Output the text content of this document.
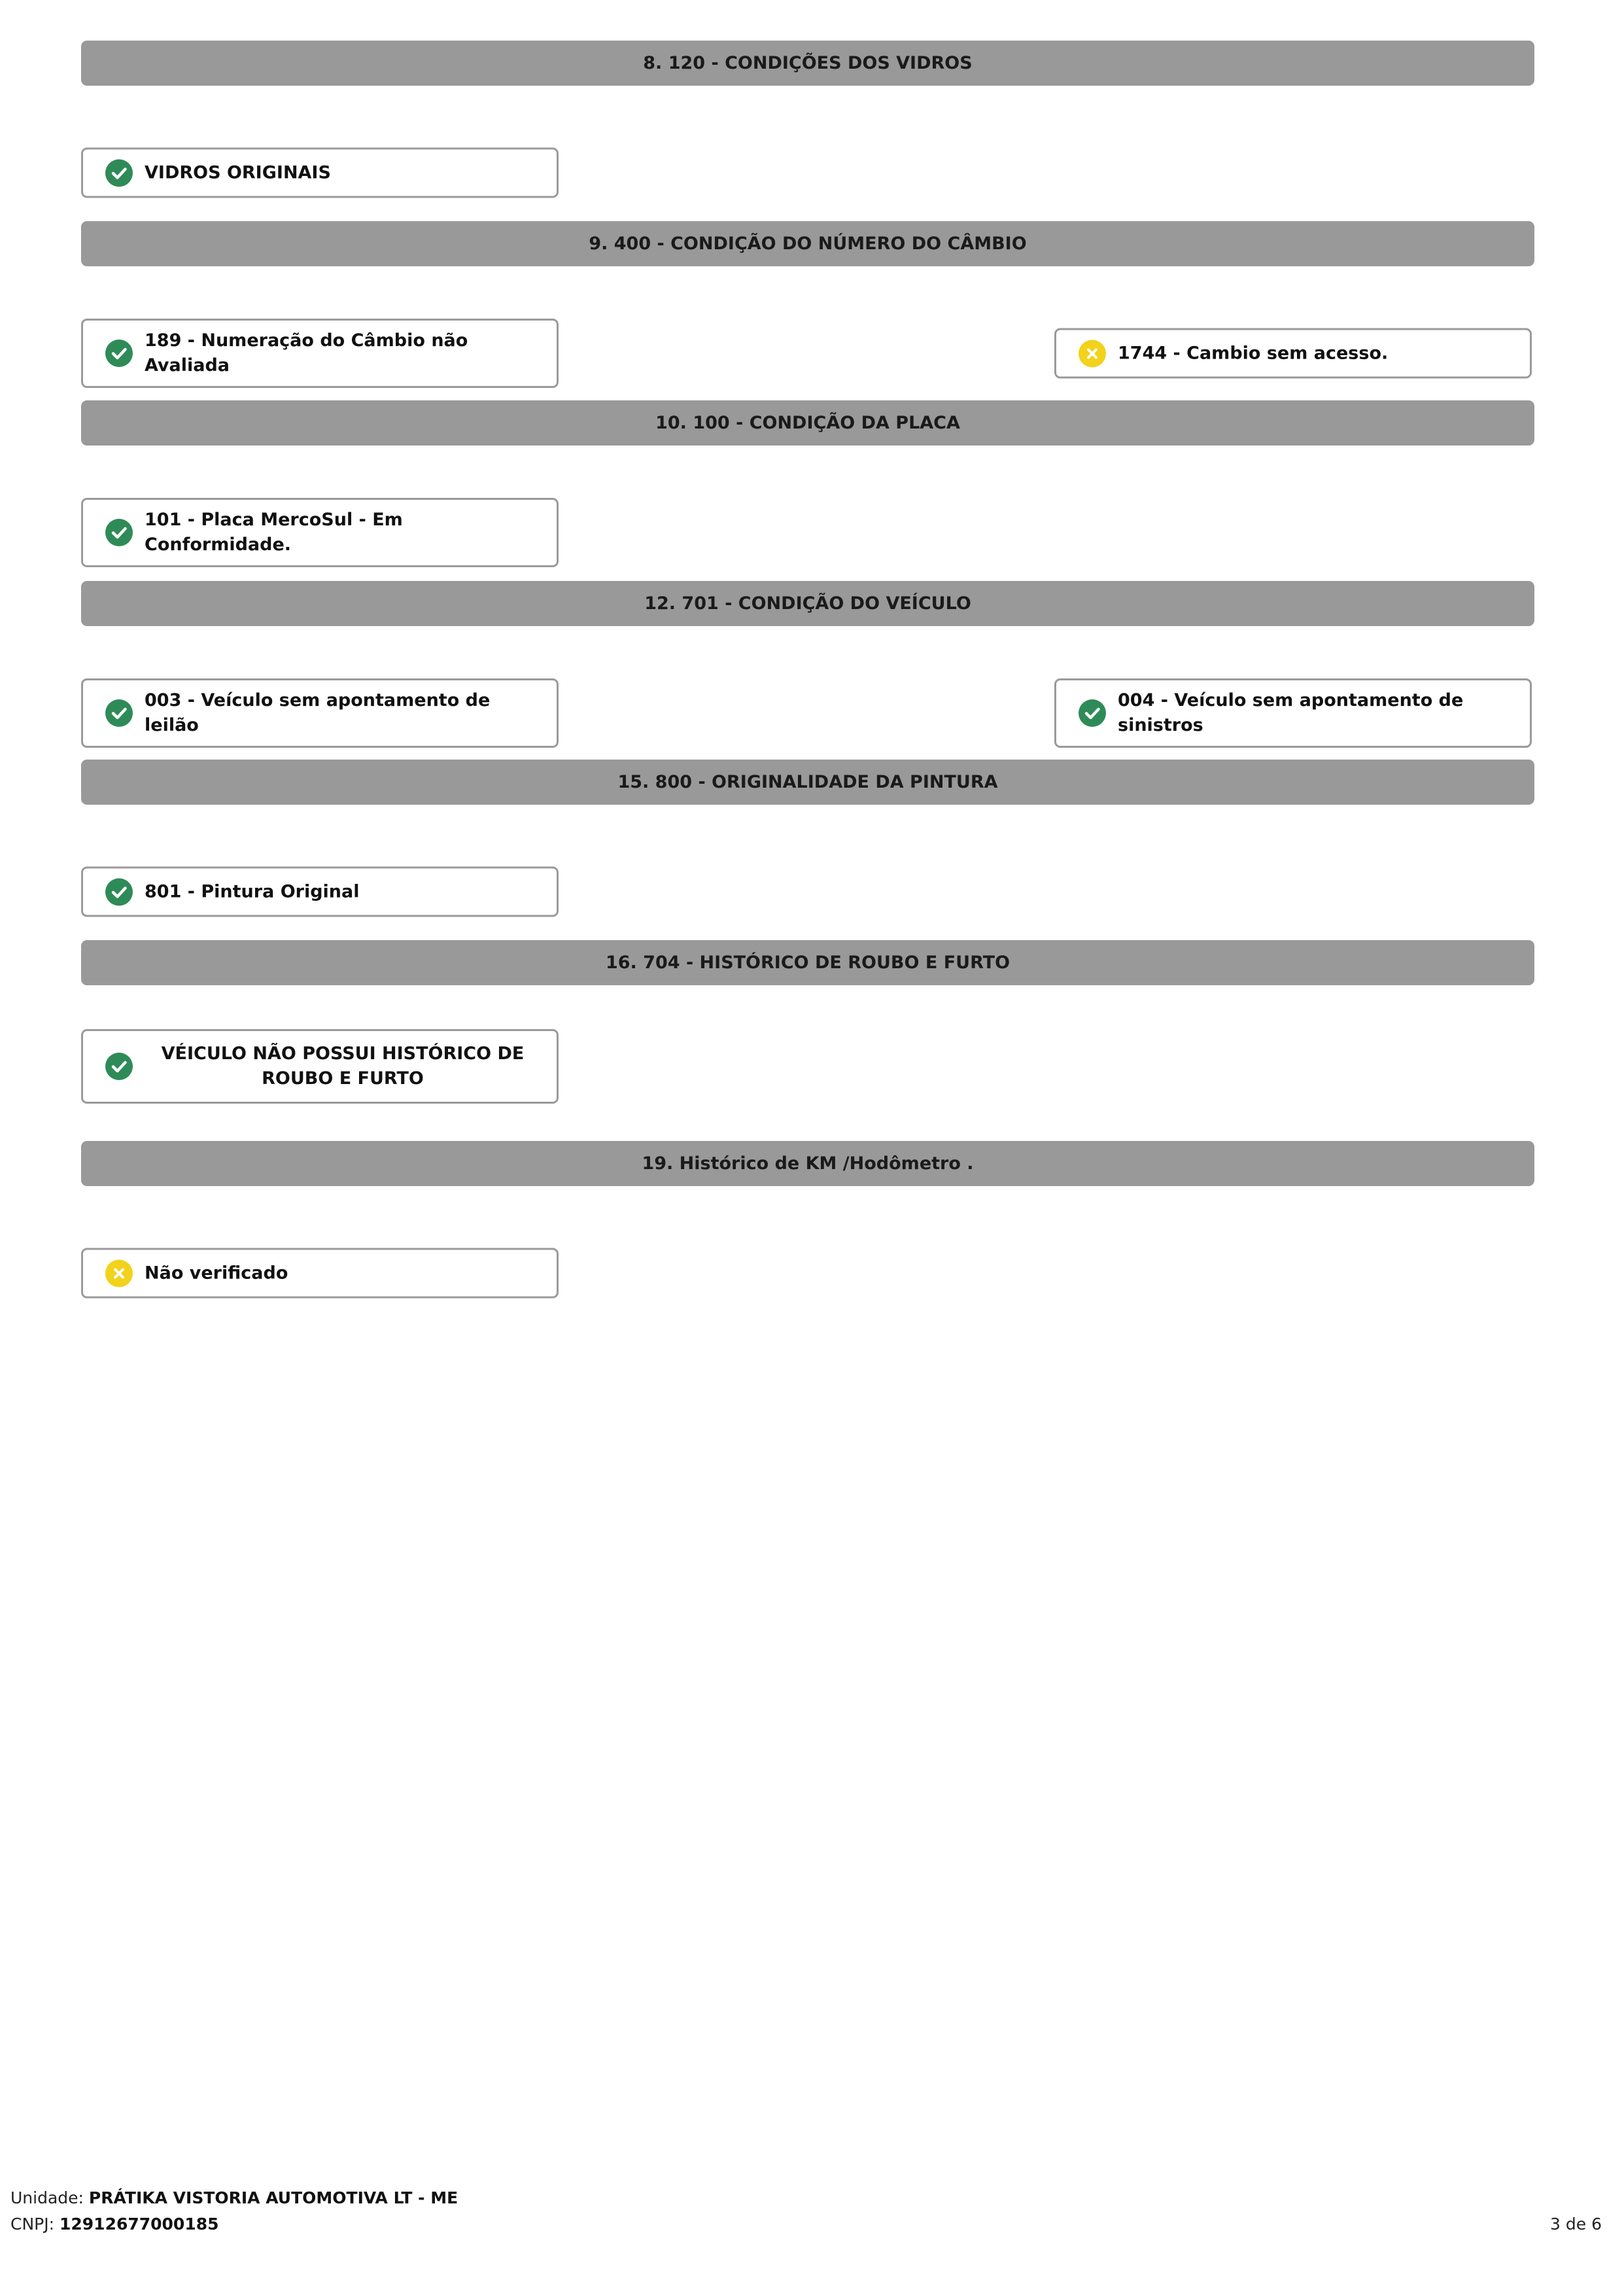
8. 120 - CONDIÇÕES DOS VIDROS
VIDROS ORIGINAIS
9. 400 - CONDIÇÃO DO NÚMERO DO CÂMBIO
189 - Numeração do Câmbio não Avaliada
1744 - Cambio sem acesso.
10. 100 - CONDIÇÃO DA PLACA
101 - Placa MercoSul - Em Conformidade.
12. 701 - CONDIÇÃO DO VEÍCULO
003 - Veículo sem apontamento de leilão
004 - Veículo sem apontamento de sinistros
15. 800 - ORIGINALIDADE DA PINTURA
801 - Pintura Original
16. 704 - HISTÓRICO DE ROUBO E FURTO
VÉICULO NÃO POSSUI HISTÓRICO DE ROUBO E FURTO
19. Histórico de KM /Hodômetro .
Não verificado
Unidade: PRÁTIKA VISTORIA AUTOMOTIVA LT - ME
CNPJ: 12912677000185	3 de 6
